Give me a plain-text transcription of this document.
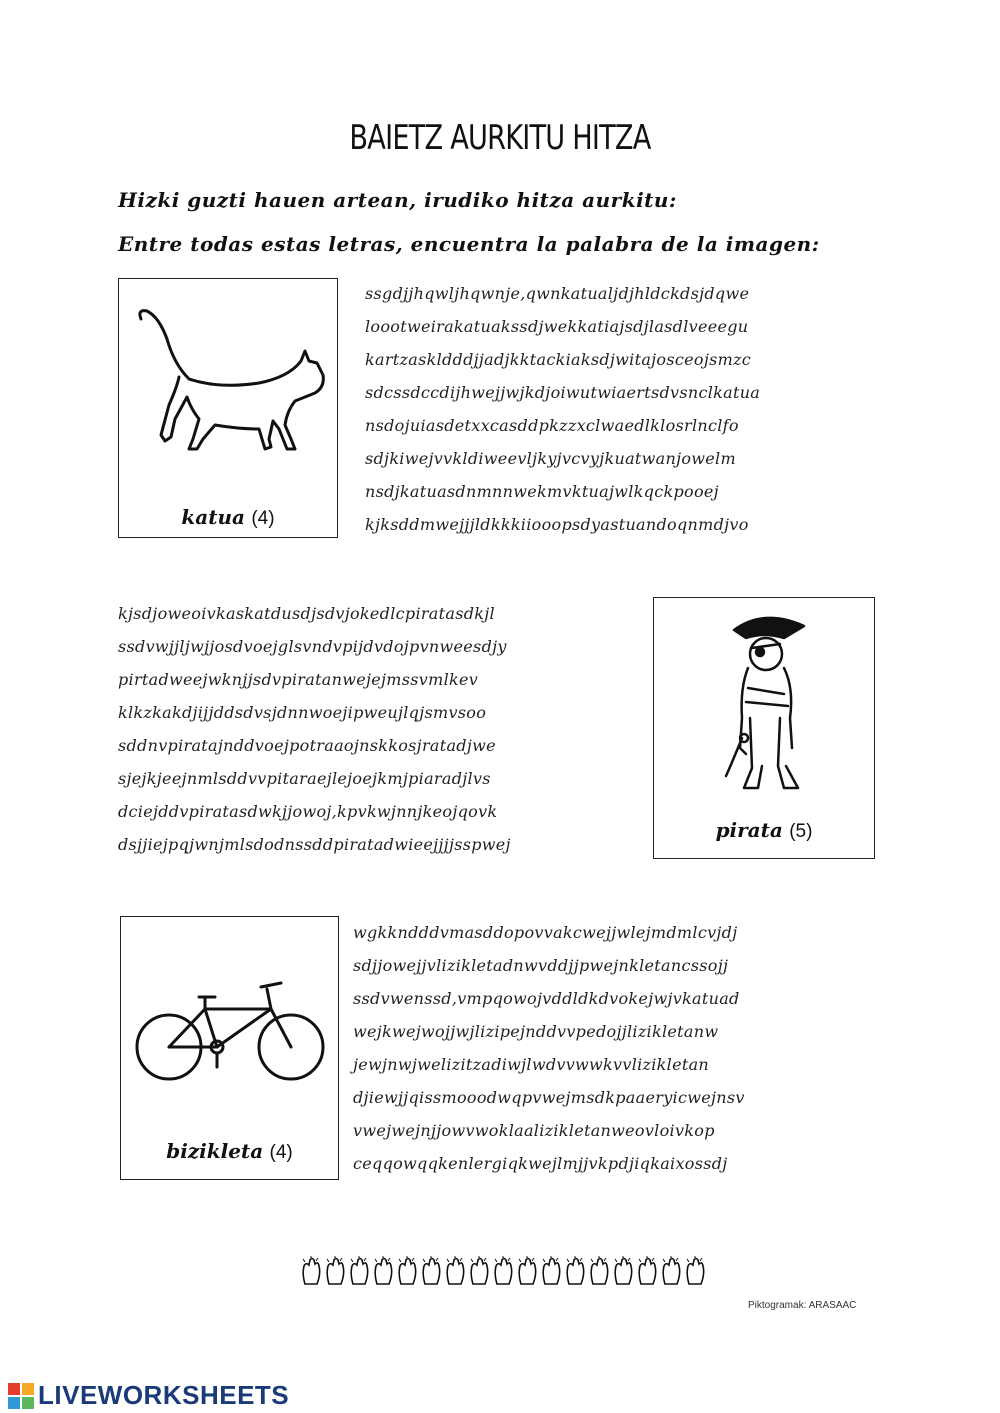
BAIETZ AURKITU HITZA
Hizki guzti hauen artean, irudiko hitza aurkitu:
Entre todas estas letras, encuentra la palabra de la imagen:
katua (4)
ssgdjjhqwljhqwnje,qwnkatualjdjhldckdsjdqwe
loootweirakatuakssdjwekkatiajsdjlasdlveeegu
kartzaskldddjjadjkktackiaksdjwitajosceojsmzc
sdcssdccdijhwejjwjkdjoiwutwiaertsdvsnclkatua
nsdojuiasdetxxcasddpkzzxclwaedlklosrlnclfo
sdjkiwejvvkldiweevljkyjvcvyjkuatwanjowelm
nsdjkatuasdnmnnwekmvktuajwlkqckpooej
kjksddmwejjjldkkkiiooopsdyastuandoqnmdjvo
kjsdjoweoivkaskatdusdjsdvjokedlcpiratasdkjl
ssdvwjjljwjjosdvoejglsvndvpijdvdojpvnweesdjy
pirtadweejwknjjsdvpiratanwejejmssvmlkev
klkzkakdjijjddsdvsjdnnwoejipweujlqjsmvsoo
sddnvpiratajnddvoejpotraaojnskkosjratadjwe
sjejkjeejnmlsddvvpitaraejlejoejkmjpiaradjlvs
dciejddvpiratasdwkjjowoj,kpvkwjnnjkeojqovk
dsjjiejpqjwnjmlsdodnssddpiratadwieejjjjsspwej
pirata (5)
bizikleta (4)
wgkkndddvmasddopovvakcwejjwlejmdmlcvjdj
sdjjowejjvlizikletadnwvddjjpwejnkletancssojj
ssdvwenssd,vmpqowojvddldkdvokejwjvkatuad
wejkwejwojjwjlizipejnddvvpedojjlizikletanw
jewjnwjwelizitzadiwjlwdvvwwkvvlizikletan
djiewjjqissmooodwqpvwejmsdkpaaeryicwejnsv
vwejwejnjjowvwoklaalizikletanweovloivkop
ceqqowqqkenlergiqkwejlmjjvkpdjiqkaixossdj
Piktogramak: ARASAAC
LIVEWORKSHEETS
